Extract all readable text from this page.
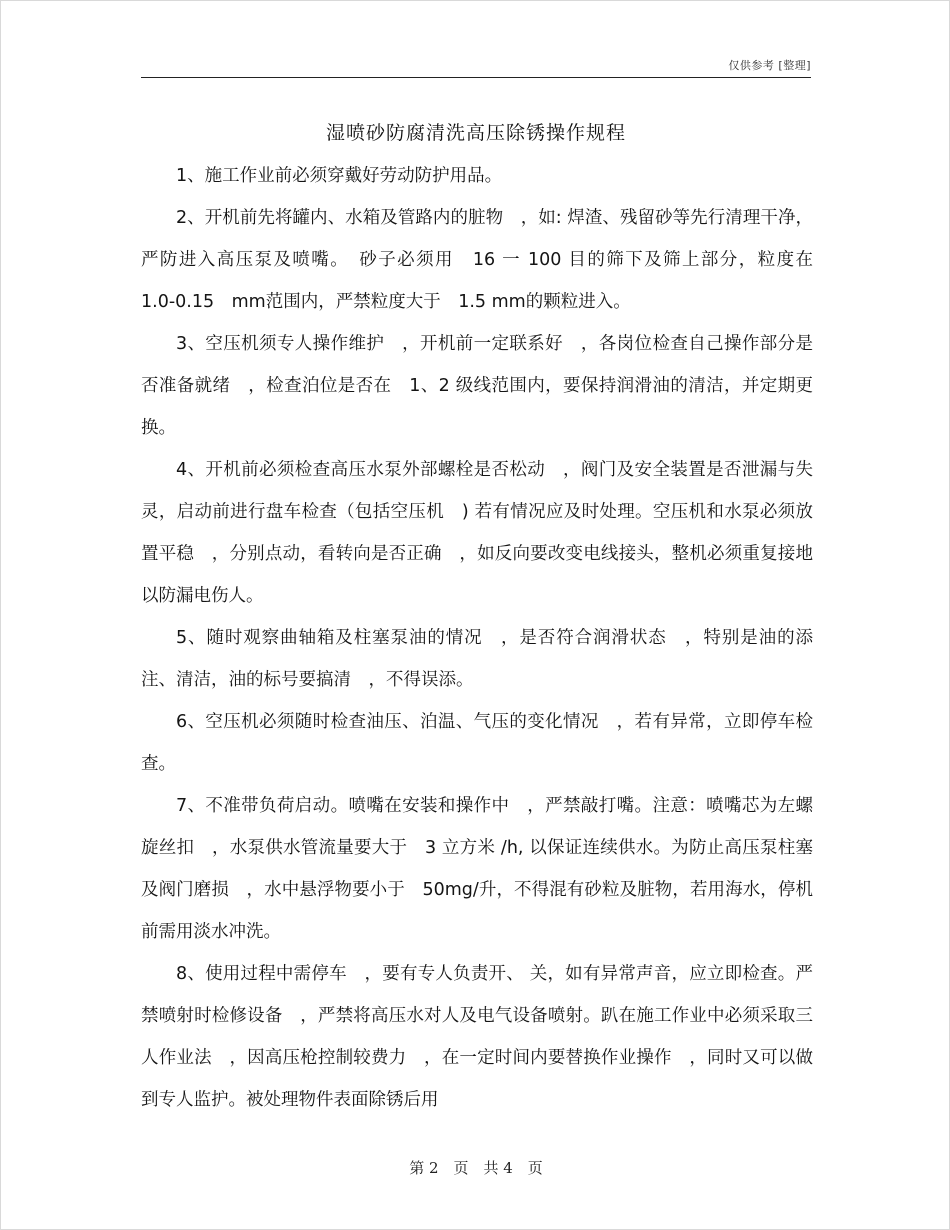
仅供参考 [整理]
湿喷砂防腐清洗高压除锈操作规程

1、施工作业前必须穿戴好劳动防护用品。

2、开机前先将罐内、水箱及管路内的脏物　，如: 焊渣、残留砂等先行清理干净，严防进入高压泵及喷嘴。　砂子必须用　16 一 100 目的筛下及筛上部分，粒度在　1.0-0.15　mm范围内，严禁粒度大于　1.5 mm的颗粒进入。

3、空压机须专人操作维护　，开机前一定联系好　，各岗位检查自己操作部分是否准备就绪　，检查泊位是否在　1、2 级线范围内，要保持润滑油的清洁，并定期更换。

4、开机前必须检查高压水泵外部螺栓是否松动　，阀门及安全装置是否泄漏与失灵，启动前进行盘车检查（包括空压机　) 若有情况应及时处理。空压机和水泵必须放置平稳　，分别点动，看转向是否正确　，如反向要改变电线接头，整机必须重复接地以防漏电伤人。

5、随时观察曲轴箱及柱塞泵油的情况　，是否符合润滑状态　，特别是油的添注、清洁，油的标号要搞清　，不得误添。

6、空压机必须随时检查油压、泊温、气压的变化情况　，若有异常，立即停车检查。

7、不准带负荷启动。喷嘴在安装和操作中　，严禁敲打嘴。注意：喷嘴芯为左螺旋丝扣　，水泵供水管流量要大于　3 立方米 /h, 以保证连续供水。为防止高压泵柱塞及阀门磨损　，水中悬浮物要小于　50mg/升，不得混有砂粒及脏物，若用海水，停机前需用淡水冲洗。

8、使用过程中需停车　，要有专人负责开、 关，如有异常声音，应立即检查。严禁喷射时检修设备　，严禁将高压水对人及电气设备喷射。趴在施工作业中必须采取三人作业法　，因高压枪控制较费力　，在一定时间内要替换作业操作　，同时又可以做到专人监护。被处理物件表面除锈后用

第 2　页　共 4　页
